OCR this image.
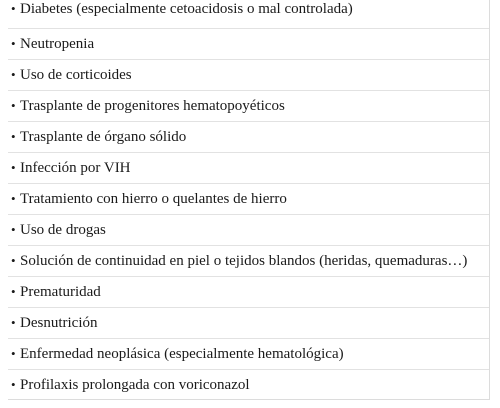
• Diabetes (especialmente cetoacidosis o mal controlada)
• Neutropenia
• Uso de corticoides
• Trasplante de progenitores hematopoyéticos
• Trasplante de órgano sólido
• Infección por VIH
• Tratamiento con hierro o quelantes de hierro
• Uso de drogas
• Solución de continuidad en piel o tejidos blandos (heridas, quemaduras…)
• Prematuridad
• Desnutrición
• Enfermedad neoplásica (especialmente hematológica)
• Profilaxis prolongada con voriconazol
